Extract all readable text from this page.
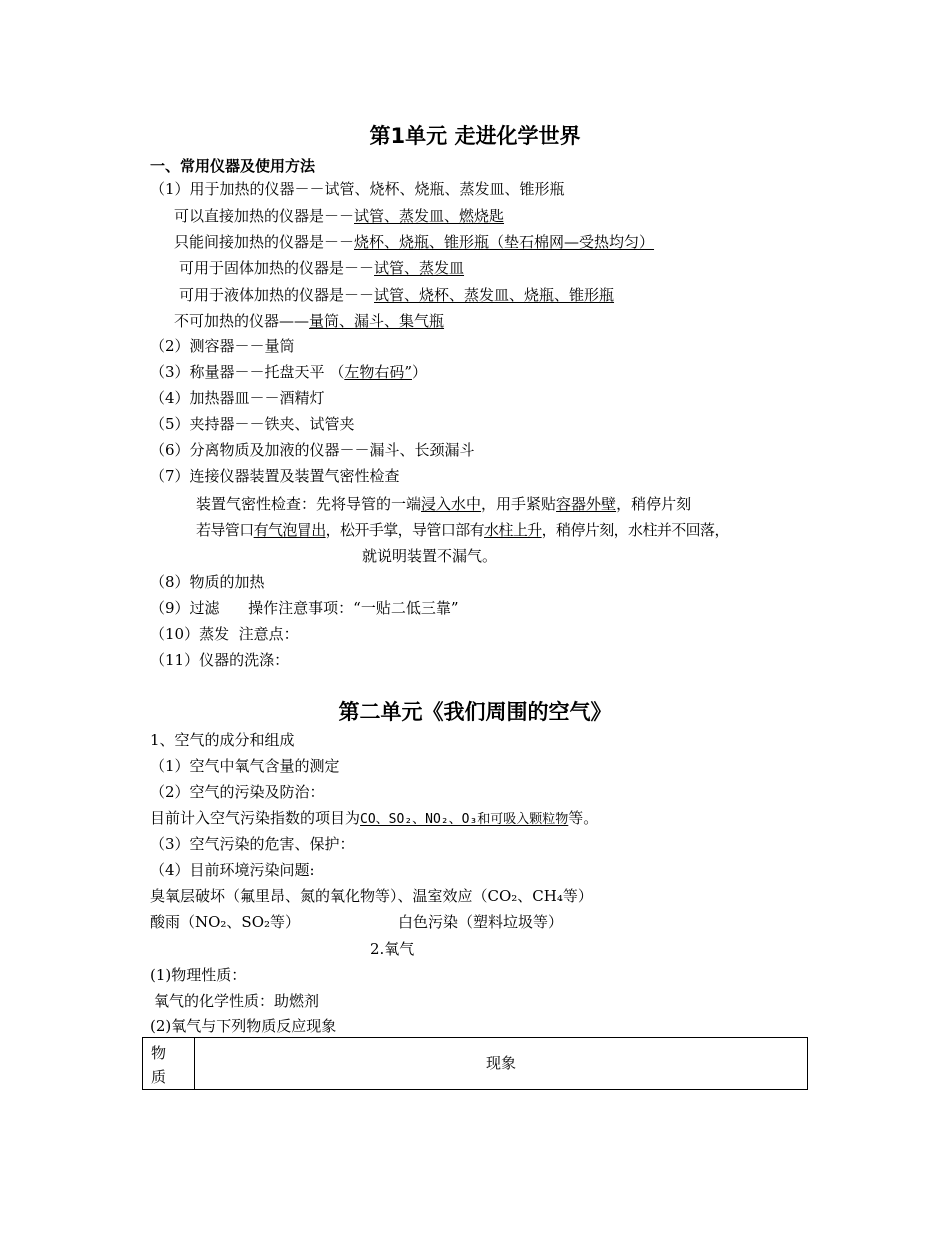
第1单元 走进化学世界
一、常用仪器及使用方法
（1）用于加热的仪器－－试管、烧杯、烧瓶、蒸发皿、锥形瓶
可以直接加热的仪器是－－试管、蒸发皿、燃烧匙
只能间接加热的仪器是－－烧杯、烧瓶、锥形瓶（垫石棉网—受热均匀）
可用于固体加热的仪器是－－试管、蒸发皿
可用于液体加热的仪器是－－试管、烧杯、蒸发皿、烧瓶、锥形瓶
不可加热的仪器——量筒、漏斗、集气瓶
（2）测容器－－量筒
（3）称量器－－托盘天平 （左物右码”）
（4）加热器皿－－酒精灯
（5）夹持器－－铁夹、试管夹
（6）分离物质及加液的仪器－－漏斗、长颈漏斗
（7）连接仪器装置及装置气密性检查
装置气密性检查：先将导管的一端浸入水中，用手紧贴容器外壁，稍停片刻
若导管口有气泡冒出，松开手掌，导管口部有水柱上升，稍停片刻，水柱并不回落，
就说明装置不漏气。
（8）物质的加热
（9）过滤      操作注意事项：“一贴二低三靠”
（10）蒸发  注意点：
（11）仪器的洗涤：
第二单元《我们周围的空气》
1、空气的成分和组成
（1）空气中氧气含量的测定
（2）空气的污染及防治：
目前计入空气污染指数的项目为CO、SO₂、NO₂、O₃和可吸入颗粒物等。
（3）空气污染的危害、保护：
（4）目前环境污染问题:
臭氧层破坏（氟里昂、氮的氧化物等）、温室效应（CO₂、CH₄等）
酸雨（NO₂、SO₂等）	白色污染（塑料垃圾等）
2.氧气
(1)物理性质：
氧气的化学性质：助燃剂
(2)氧气与下列物质反应现象
物质
现象
